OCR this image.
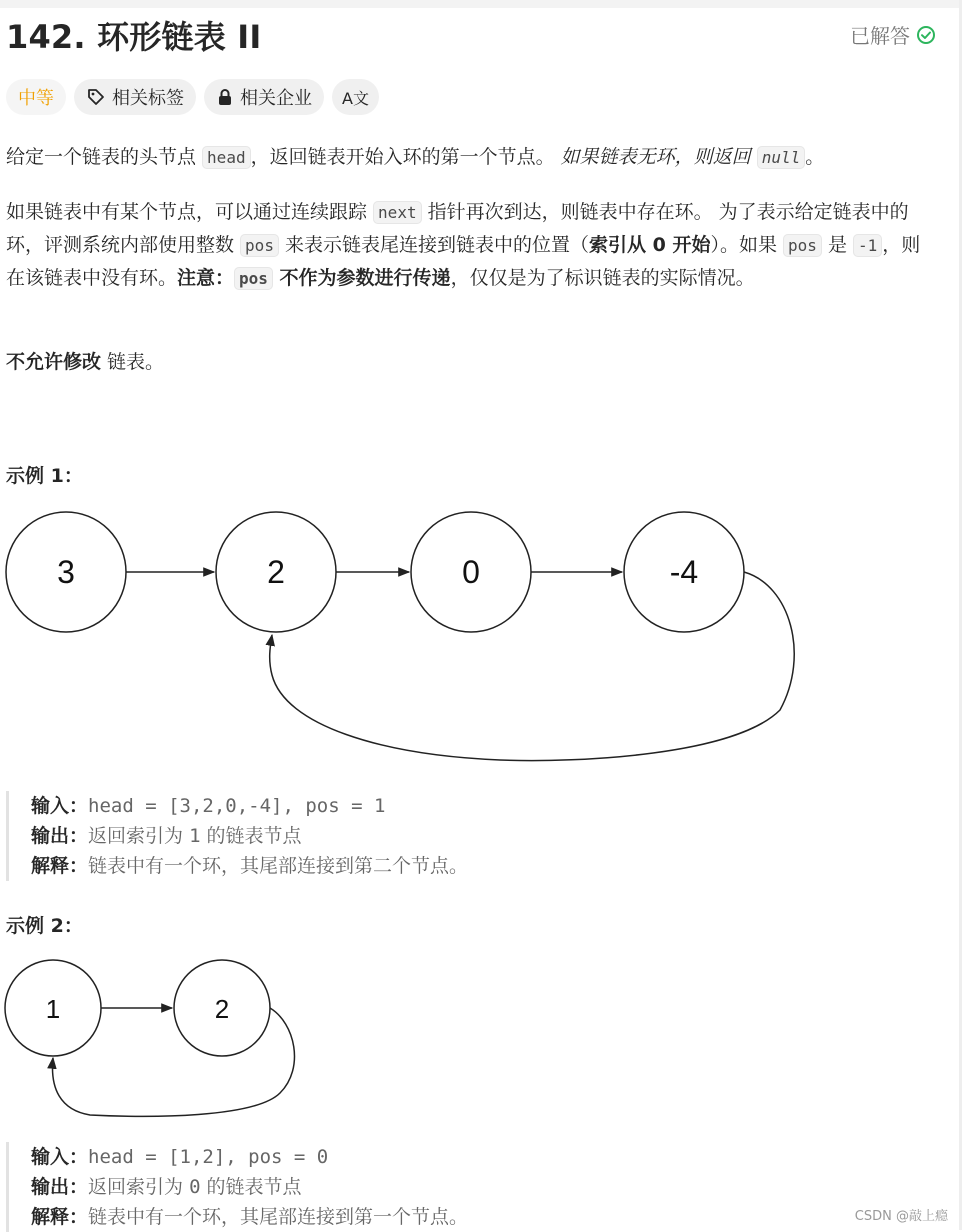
142. 环形链表 II	已解答
中等	相关标签	相关企业 A文
给定一个链表的头节点 head ，返回链表开始入环的第一个节点。 如果链表无环，则返回 null 。
如果链表中有某个节点，可以通过连续跟踪 next 指针再次到达，则链表中存在环。 为了表示给定链表中的环，评测系统内部使用整数 pos 来表示链表尾连接到链表中的位置（索引从 0 开始）。如果 pos 是 -1 ，则在该链表中没有环。注意： pos 不作为参数进行传递，仅仅是为了标识链表的实际情况。
不允许修改 链表。
示例 1：
3	2	0	-4
输入：head = [3,2,0,-4], pos = 1
输出：返回索引为 1 的链表节点
解释：链表中有一个环，其尾部连接到第二个节点。
示例 2：
1	2
输入：head = [1,2], pos = 0
输出：返回索引为 0 的链表节点
解释：链表中有一个环，其尾部连接到第一个节点。	CSDN @敲上瘾
